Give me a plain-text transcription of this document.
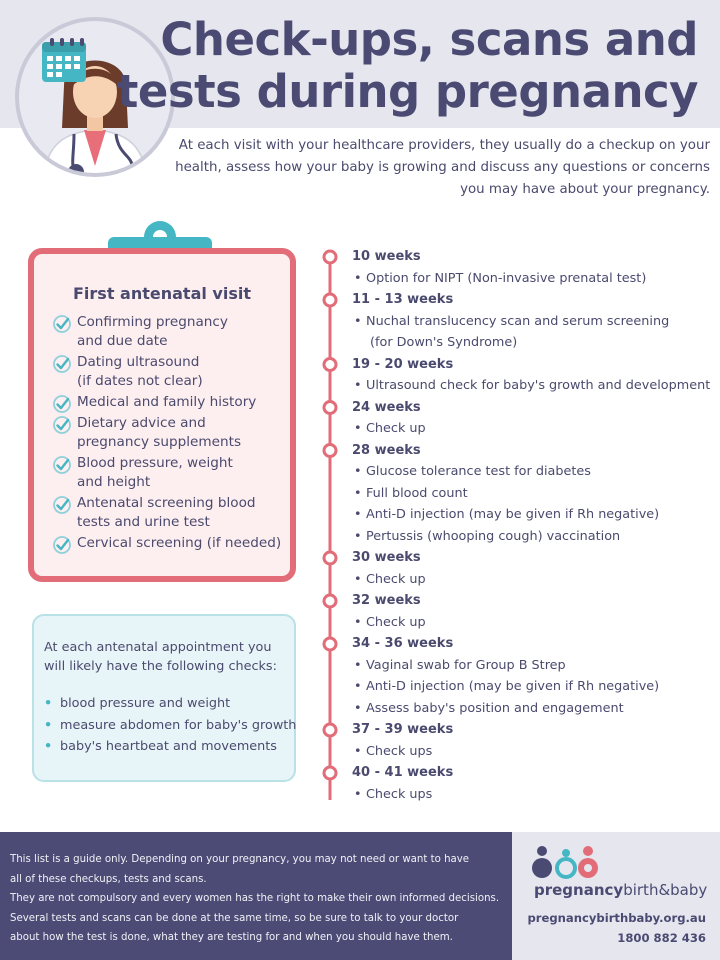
Check-ups, scans and
tests during pregnancy
At each visit with your healthcare providers, they usually do a checkup on your health, assess how your baby is growing and discuss any questions or concerns you may have about your pregnancy.
First antenatal visit
Confirming pregnancy
and due date
Dating ultrasound
(if dates not clear)
Medical and family history
Dietary advice and
pregnancy supplements
Blood pressure, weight
and height
Antenatal screening blood
tests and urine test
Cervical screening (if needed)
At each antenatal appointment you will likely have the following checks:
• blood pressure and weight
• measure abdomen for baby's growth
• baby's heartbeat and movements
10 weeks
• Option for NIPT (Non-invasive prenatal test)
11 - 13 weeks
• Nuchal translucency scan and serum screening
(for Down's Syndrome)
19 - 20 weeks
• Ultrasound check for baby's growth and development
24 weeks
• Check up
28 weeks
• Glucose tolerance test for diabetes
• Full blood count
• Anti-D injection (may be given if Rh negative)
• Pertussis (whooping cough) vaccination
30 weeks
• Check up
32 weeks
• Check up
34 - 36 weeks
• Vaginal swab for Group B Strep
• Anti-D injection (may be given if Rh negative)
• Assess baby's position and engagement
37 - 39 weeks
• Check ups
40 - 41 weeks
• Check ups
This list is a guide only. Depending on your pregnancy, you may not need or want to have
all of these checkups, tests and scans.
They are not compulsory and every women has the right to make their own informed decisions.
Several tests and scans can be done at the same time, so be sure to talk to your doctor
about how the test is done, what they are testing for and when you should have them.
pregnancybirth&baby
pregnancybirthbaby.org.au
1800 882 436
